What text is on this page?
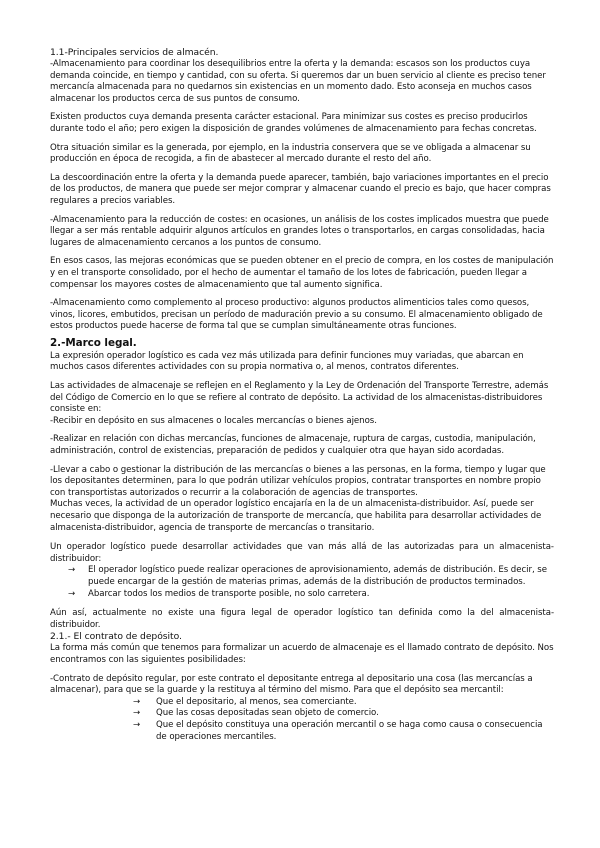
1.1-Principales servicios de almacén.

-Almacenamiento para coordinar los desequilibrios entre la oferta y la demanda: escasos son los productos cuya demanda coincide, en tiempo y cantidad, con su oferta. Si queremos dar un buen servicio al cliente es preciso tener mercancía almacenada para no quedarnos sin existencias en un momento dado. Esto aconseja en muchos casos almacenar los productos cerca de sus puntos de consumo.

Existen productos cuya demanda presenta carácter estacional. Para minimizar sus costes es preciso producirlos durante todo el año; pero exigen la disposición de grandes volúmenes de almacenamiento para fechas concretas.

Otra situación similar es la generada, por ejemplo, en la industria conservera que se ve obligada a almacenar su producción en época de recogida, a fin de abastecer al mercado durante el resto del año.

La descoordinación entre la oferta y la demanda puede aparecer, también, bajo variaciones importantes en el precio de los productos, de manera que puede ser mejor comprar y almacenar cuando el precio es bajo, que hacer compras regulares a precios variables.

-Almacenamiento para la reducción de costes: en ocasiones, un análisis de los costes implicados muestra que puede llegar a ser más rentable adquirir algunos artículos en grandes lotes o transportarlos, en cargas consolidadas, hacia lugares de almacenamiento cercanos a los puntos de consumo.

En esos casos, las mejoras económicas que se pueden obtener en el precio de compra, en los costes de manipulación y en el transporte consolidado, por el hecho de aumentar el tamaño de los lotes de fabricación, pueden llegar a compensar los mayores costes de almacenamiento que tal aumento significa.

-Almacenamiento como complemento al proceso productivo: algunos productos alimenticios tales como quesos, vinos, licores, embutidos, precisan un período de maduración previo a su consumo. El almacenamiento obligado de estos productos puede hacerse de forma tal que se cumplan simultáneamente otras funciones.

2.-Marco legal.

La expresión operador logístico es cada vez más utilizada para definir funciones muy variadas, que abarcan en muchos casos diferentes actividades con su propia normativa o, al menos, contratos diferentes.

Las actividades de almacenaje se reflejen en el Reglamento y la Ley de Ordenación del Transporte Terrestre, además del Código de Comercio en lo que se refiere al contrato de depósito. La actividad de los almacenistas-distribuidores consiste en:

-Recibir en depósito en sus almacenes o locales mercancías o bienes ajenos.

-Realizar en relación con dichas mercancías, funciones de almacenaje, ruptura de cargas, custodia, manipulación, administración, control de existencias, preparación de pedidos y cualquier otra que hayan sido acordadas.

-Llevar a cabo o gestionar la distribución de las mercancías o bienes a las personas, en la forma, tiempo y lugar que los depositantes determinen, para lo que podrán utilizar vehículos propios, contratar transportes en nombre propio con transportistas autorizados o recurrir a la colaboración de agencias de transportes.

Muchas veces, la actividad de un operador logístico encajaría en la de un almacenista-distribuidor. Así, puede ser necesario que disponga de la autorización de transporte de mercancía, que habilita para desarrollar actividades de almacenista-distribuidor, agencia de transporte de mercancías o transitario.

Un operador logístico puede desarrollar actividades que van más allá de las autorizadas para un almacenista-distribuidor:

→ El operador logístico puede realizar operaciones de aprovisionamiento, además de distribución. Es decir, se puede encargar de la gestión de materias primas, además de la distribución de productos terminados.
→ Abarcar todos los medios de transporte posible, no solo carretera.

Aún así, actualmente no existe una figura legal de operador logístico tan definida como la del almacenista-distribuidor.

2.1.- El contrato de depósito.

La forma más común que tenemos para formalizar un acuerdo de almacenaje es el llamado contrato de depósito. Nos encontramos con las siguientes posibilidades:

-Contrato de depósito regular, por este contrato el depositante entrega al depositario una cosa (las mercancías a almacenar), para que se la guarde y la restituya al término del mismo. Para que el depósito sea mercantil:

→ Que el depositario, al menos, sea comerciante.
→ Que las cosas depositadas sean objeto de comercio.
→ Que el depósito constituya una operación mercantil o se haga como causa o consecuencia de operaciones mercantiles.
